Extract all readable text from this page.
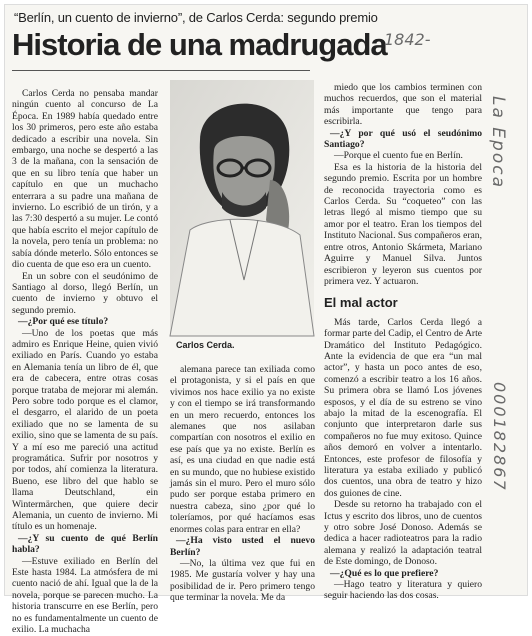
“Berlín, un cuento de invierno”, de Carlos Cerda: segundo premio
Historia de una madrugada
1842-
La Epoca
000182867

Carlos Cerda no pensaba mandar ningún cuento al concurso de La Época. En 1989 había quedado entre los 30 primeros, pero este año estaba dedicado a escribir una novela. Sin embargo, una noche se despertó a las 3 de la mañana, con la sensación de que en su libro tenía que haber un capítulo en que un muchacho enterrara a su padre una mañana de invierno. Lo escribió de un tirón, y a las 7:30 despertó a su mujer. Le contó que había escrito el mejor capítulo de la novela, pero tenía un problema: no sabía dónde meterlo. Sólo entonces se dio cuenta de que eso era un cuento.

En un sobre con el seudónimo de Santiago al dorso, llegó Berlín, un cuento de invierno y obtuvo el segundo premio.

—¿Por qué ese título?

—Uno de los poetas que más admiro es Enrique Heine, quien vivió exiliado en París. Cuando yo estaba en Alemania tenía un libro de él, que era de cabecera, entre otras cosas porque trataba de mejorar mi alemán. Pero sobre todo porque es el clamor, el desgarro, el alarido de un poeta exiliado que no se lamenta de su exilio, sino que se lamenta de su país. Y a mí eso me pareció una actitud programática. Sufrir por nosotros y por todos, ahí comienza la literatura. Bueno, ese libro del que hablo se llama Deutschland, ein Wintermärchen, que quiere decir Alemania, un cuento de invierno. Mi título es un homenaje.

—¿Y su cuento de qué Berlín habla?

—Estuve exiliado en Berlín del Este hasta 1984. La atmósfera de mi cuento nació de ahí. Igual que la de la novela, porque se parecen mucho. La historia transcurre en ese Berlín, pero no es fundamentalmente un cuento de exilio. La muchacha

Carlos Cerda.

alemana parece tan exiliada como el protagonista, y si el país en que vivimos nos hace exilio ya no existe y con el tiempo se irá transformando en un mero recuerdo, entonces los alemanes que nos asilaban compartían con nosotros el exilio en ese país que ya no existe. Berlín es así, es una ciudad en que nadie está en su mundo, que no hubiese existido jamás sin el muro. Pero el muro sólo pudo ser porque estaba primero en nuestra cabeza, sino ¿por qué lo toleríamos, por qué hacíamos esas enormes colas para entrar en ella?

—¿Ha visto usted el nuevo Berlín?

—No, la última vez que fui en 1985. Me gustaría volver y hay una posibilidad de ir. Pero primero tengo que terminar la novela. Me da

miedo que los cambios terminen con muchos recuerdos, que son el material más importante que tengo para escribirla.

—¿Y por qué usó el seudónimo Santiago?

—Porque el cuento fue en Berlín.

Esa es la historia de la historia del segundo premio. Escrita por un hombre de reconocida trayectoria como es Carlos Cerda. Su “coqueteo” con las letras llegó al mismo tiempo que su amor por el teatro. Eran los tiempos del Instituto Nacional. Sus compañeros eran, entre otros, Antonio Skármeta, Mariano Aguirre y Manuel Silva. Juntos escribieron y leyeron sus cuentos por primera vez. Y actuaron.

El mal actor

Más tarde, Carlos Cerda llegó a formar parte del Cadip, el Centro de Arte Dramático del Instituto Pedagógico. Ante la evidencia de que era “un mal actor”, y hasta un poco antes de eso, comenzó a escribir teatro a los 16 años. Su primera obra se llamó Los jóvenes esposos, y el día de su estreno se vino abajo la mitad de la escenografía. El conjunto que interpretaron darle sus compañeros no fue muy exitoso. Quince años demoró en volver a intentarlo. Entonces, este profesor de filosofía y literatura ya estaba exiliado y publicó dos cuentos, una obra de teatro y hizo dos guiones de cine.

Desde su retorno ha trabajado con el Ictus y escrito dos libros, uno de cuentos y otro sobre José Donoso. Además se dedica a hacer radioteatros para la radio alemana y realizó la adaptación teatral de Este domingo, de Donoso.

—¿Qué es lo que prefiere?

—Hago teatro y literatura y quiero seguir haciendo las dos cosas.
